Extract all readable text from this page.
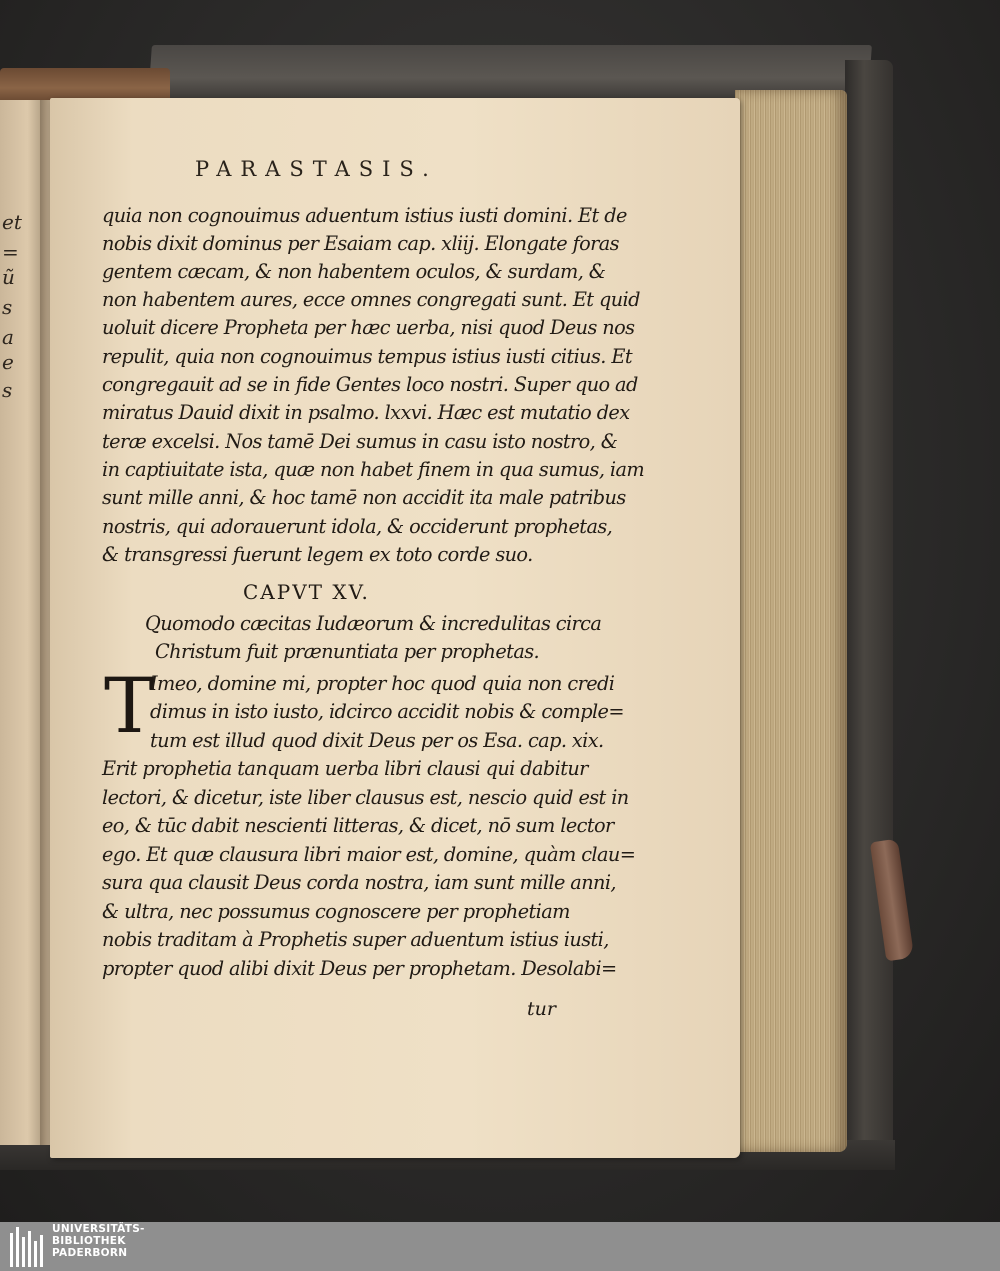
et
=
ũ
s
a
e
s
PARASTASIS.
quia non cognouimus aduentum istius iusti domini. Et de
nobis dixit dominus per Esaiam cap. xliij. Elongate foras
gentem cæcam, & non habentem oculos, & surdam, &
non habentem aures, ecce omnes congregati sunt. Et quid
uoluit dicere Propheta per hæc uerba, nisi quod Deus nos
repulit, quia non cognouimus tempus istius iusti citius. Et
congregauit ad se in fide Gentes loco nostri. Super quo ad
miratus Dauid dixit in psalmo. lxxvi. Hæc est mutatio dex
teræ excelsi. Nos tamē Dei sumus in casu isto nostro, &
in captiuitate ista, quæ non habet finem in qua sumus, iam
sunt mille anni, & hoc tamē non accidit ita male patribus
nostris, qui adorauerunt idola, & occiderunt prophetas,
& transgressi fuerunt legem ex toto corde suo.
CAPVT XV.
Quomodo cæcitas Iudæorum & incredulitas circa
Christum fuit prænuntiata per prophetas.
T
Imeo, domine mi, propter hoc quod quia non credi
dimus in isto iusto, idcirco accidit nobis & comple=
tum est illud quod dixit Deus per os Esa. cap. xix.
Erit prophetia tanquam uerba libri clausi qui dabitur
lectori, & dicetur, iste liber clausus est, nescio quid est in
eo, & tūc dabit nescienti litteras, & dicet, nō sum lector
ego. Et quæ clausura libri maior est, domine, quàm clau=
sura qua clausit Deus corda nostra, iam sunt mille anni,
& ultra, nec possumus cognoscere per prophetiam
nobis traditam à Prophetis super aduentum istius iusti,
propter quod alibi dixit Deus per prophetam. Desolabi=
tur
UNIVERSITÄTS-
BIBLIOTHEK
PADERBORN
